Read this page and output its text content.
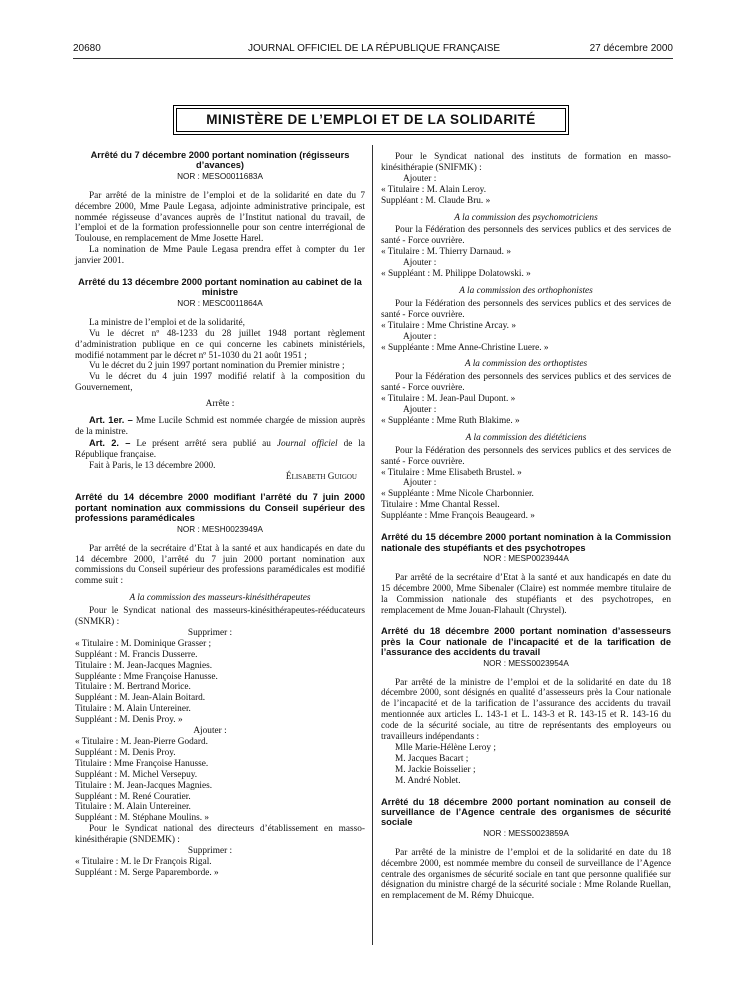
20680	JOURNAL OFFICIEL DE LA RÉPUBLIQUE FRANÇAISE	27 décembre 2000
MINISTÈRE DE L’EMPLOI ET DE LA SOLIDARITÉ
Arrêté du 7 décembre 2000 portant nomination (régisseurs d’avances)
NOR : MESO0011683A

Par arrêté de la ministre de l’emploi et de la solidarité en date du 7 décembre 2000, Mme Paule Legasa, adjointe administrative principale, est nommée régisseuse d’avances auprès de l’Institut national du travail, de l’emploi et de la formation professionnelle pour son centre interrégional de Toulouse, en remplacement de Mme Josette Harel.

La nomination de Mme Paule Legasa prendra effet à compter du 1er janvier 2001.

Arrêté du 13 décembre 2000 portant nomination au cabinet de la ministre
NOR : MESC0011864A

La ministre de l’emploi et de la solidarité,

Vu le décret nº 48-1233 du 28 juillet 1948 portant règlement d’administration publique en ce qui concerne les cabinets ministériels, modifié notamment par le décret nº 51-1030 du 21 août 1951 ;

Vu le décret du 2 juin 1997 portant nomination du Premier ministre ;

Vu le décret du 4 juin 1997 modifié relatif à la composition du Gouvernement,

Arrête :

Art. 1er. – Mme Lucile Schmid est nommée chargée de mission auprès de la ministre.

Art. 2. – Le présent arrêté sera publié au Journal officiel de la République française.

Fait à Paris, le 13 décembre 2000.

Élisabeth Guigou
Arrêté du 14 décembre 2000 modifiant l’arrêté du 7 juin 2000 portant nomination aux commissions du Conseil supérieur des professions paramédicales
NOR : MESH0023949A

Par arrêté de la secrétaire d’Etat à la santé et aux handicapés en date du 14 décembre 2000, l’arrêté du 7 juin 2000 portant nomination aux commissions du Conseil supérieur des professions paramédicales est modifié comme suit :

A la commission des masseurs-kinésithérapeutes

Pour le Syndicat national des masseurs-kinésithérapeutes-rééducateurs (SNMKR) :

Supprimer :
« Titulaire : M. Dominique Grasser ;
Suppléant : M. Francis Dusserre.
Titulaire : M. Jean-Jacques Magnies.
Suppléante : Mme Françoise Hanusse.
Titulaire : M. Bertrand Morice.
Suppléant : M. Jean-Alain Boitard.
Titulaire : M. Alain Untereiner.
Suppléant : M. Denis Proy. »
Ajouter :
« Titulaire : M. Jean-Pierre Godard.
Suppléant : M. Denis Proy.
Titulaire : Mme Françoise Hanusse.
Suppléant : M. Michel Versepuy.
Titulaire : M. Jean-Jacques Magnies.
Suppléant : M. René Couratier.
Titulaire : M. Alain Untereiner.
Suppléant : M. Stéphane Moulins. »

Pour le Syndicat national des directeurs d’établissement en masso-kinésithérapie (SNDEMK) :

Supprimer :
« Titulaire : M. le Dr François Rigal.
Suppléant : M. Serge Paparemborde. »

Pour le Syndicat national des instituts de formation en masso-kinésithérapie (SNIFMK) :

Ajouter :
« Titulaire : M. Alain Leroy.
Suppléant : M. Claude Bru. »

A la commission des psychomotriciens

Pour la Fédération des personnels des services publics et des services de santé - Force ouvrière.

« Titulaire : M. Thierry Darnaud. »
Ajouter :
« Suppléant : M. Philippe Dolatowski. »

A la commission des orthophonistes

Pour la Fédération des personnels des services publics et des services de santé - Force ouvrière.

« Titulaire : Mme Christine Arcay. »
Ajouter :
« Suppléante : Mme Anne-Christine Luere. »

A la commission des orthoptistes

Pour la Fédération des personnels des services publics et des services de santé - Force ouvrière.

« Titulaire : M. Jean-Paul Dupont. »
Ajouter :
« Suppléante : Mme Ruth Blakime. »

A la commission des diététiciens

Pour la Fédération des personnels des services publics et des services de santé - Force ouvrière.

« Titulaire : Mme Elisabeth Brustel. »
Ajouter :
« Suppléante : Mme Nicole Charbonnier.
Titulaire : Mme Chantal Ressel.
Suppléante : Mme François Beaugeard. »
Arrêté du 15 décembre 2000 portant nomination à la Commission nationale des stupéfiants et des psychotropes
NOR : MESP0023944A

Par arrêté de la secrétaire d’Etat à la santé et aux handicapés en date du 15 décembre 2000, Mme Sibenaler (Claire) est nommée membre titulaire de la Commission nationale des stupéfiants et des psychotropes, en remplacement de Mme Jouan-Flahault (Chrystel).

Arrêté du 18 décembre 2000 portant nomination d’assesseurs près la Cour nationale de l’incapacité et de la tarification de l’assurance des accidents du travail
NOR : MESS0023954A

Par arrêté de la ministre de l’emploi et de la solidarité en date du 18 décembre 2000, sont désignés en qualité d’assesseurs près la Cour nationale de l’incapacité et de la tarification de l’assurance des accidents du travail mentionnée aux articles L. 143-1 et L. 143-3 et R. 143-15 et R. 143-16 du code de la sécurité sociale, au titre de représentants des employeurs ou travailleurs indépendants :

Mlle Marie-Hélène Leroy ;
M. Jacques Bacart ;
M. Jackie Boisselier ;
M. André Noblet.
Arrêté du 18 décembre 2000 portant nomination au conseil de surveillance de l’Agence centrale des organismes de sécurité sociale
NOR : MESS0023859A

Par arrêté de la ministre de l’emploi et de la solidarité en date du 18 décembre 2000, est nommée membre du conseil de surveillance de l’Agence centrale des organismes de sécurité sociale en tant que personne qualifiée sur désignation du ministre chargé de la sécurité sociale : Mme Rolande Ruellan, en remplacement de M. Rémy Dhuicque.
